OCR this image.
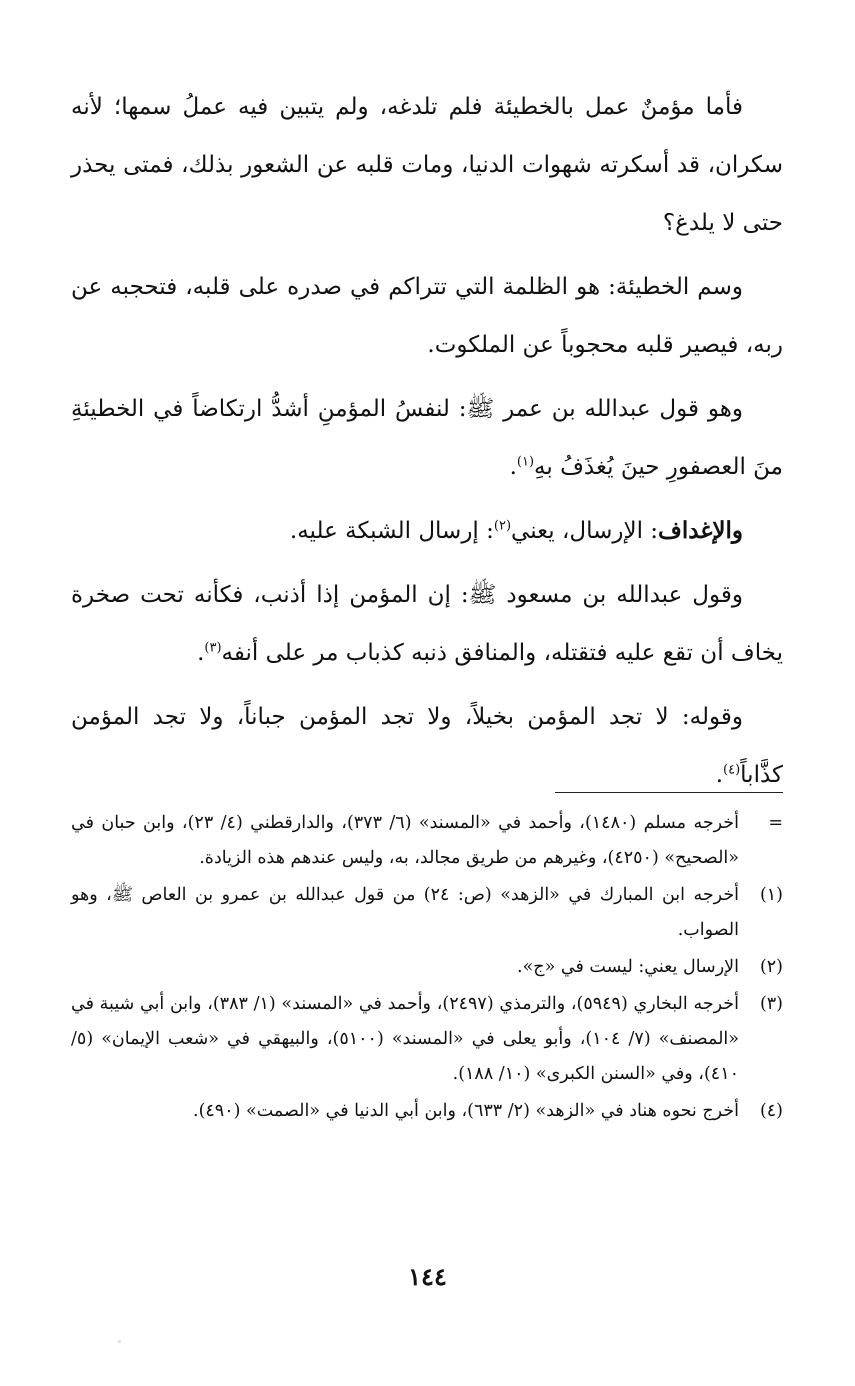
فأما مؤمنٌ عمل بالخطيئة فلم تلدغه، ولم يتبين فيه عملُ سمها؛ لأنه سكران، قد أسكرته شهوات الدنيا، ومات قلبه عن الشعور بذلك، فمتى يحذر حتى لا يلدغ؟

وسم الخطيئة: هو الظلمة التي تتراكم في صدره على قلبه، فتحجبه عن ربه، فيصير قلبه محجوباً عن الملكوت.

وهو قول عبدالله بن عمر ﷺ: لنفسُ المؤمنِ أشدُّ ارتكاضاً في الخطيئةِ منَ العصفورِ حينَ يُغذَفُ بهِ$^{(١)}$.

والإغداف: الإرسال، يعني$^{(٢)}$: إرسال الشبكة عليه.

وقول عبدالله بن مسعود ﷺ: إن المؤمن إذا أذنب، فكأنه تحت صخرة يخاف أن تقع عليه فتقتله، والمنافق ذنبه كذباب مر على أنفه$^{(٣)}$.

وقوله: لا تجد المؤمن بخيلاً، ولا تجد المؤمن جباناً، ولا تجد المؤمن كذَّاباً$^{(٤)}$.

=
أخرجه مسلم (١٤٨٠)، وأحمد في «المسند» (٦/ ٣٧٣)، والدارقطني (٤/ ٢٣)، وابن حبان في «الصحيح» (٤٢٥٠)، وغيرهم من طريق مجالد، به، وليس عندهم هذه الزيادة.
(١)
أخرجه ابن المبارك في «الزهد» (ص: ٢٤) من قول عبدالله بن عمرو بن العاص ﷺ، وهو الصواب.
(٢)
الإرسال يعني: ليست في «ج».
(٣)
أخرجه البخاري (٥٩٤٩)، والترمذي (٢٤٩٧)، وأحمد في «المسند» (١/ ٣٨٣)، وابن أبي شيبة في «المصنف» (٧/ ١٠٤)، وأبو يعلى في «المسند» (٥١٠٠)، والبيهقي في «شعب الإيمان» (٥/ ٤١٠)، وفي «السنن الكبرى» (١٠/ ١٨٨).
(٤)
أخرج نحوه هناد في «الزهد» (٢/ ٦٣٣)، وابن أبي الدنيا في «الصمت» (٤٩٠).
١٤٤
